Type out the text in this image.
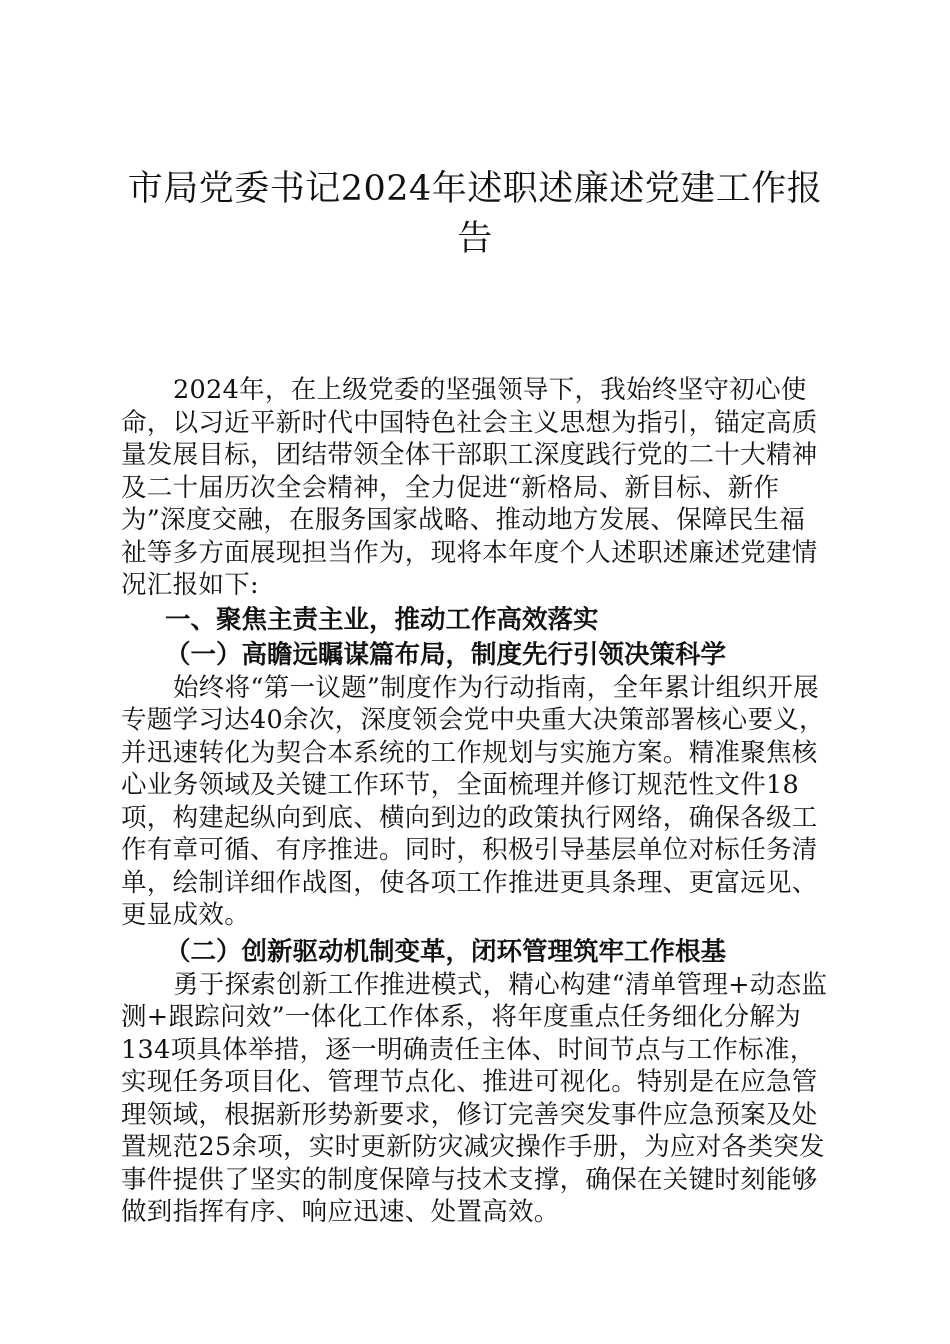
市局党委书记2024年述职述廉述党建工作报
告
2024年，在上级党委的坚强领导下，我始终坚守初心使
命，以习近平新时代中国特色社会主义思想为指引，锚定高质
量发展目标，团结带领全体干部职工深度践行党的二十大精神
及二十届历次全会精神，全力促进“新格局、新目标、新作
为”深度交融，在服务国家战略、推动地方发展、保障民生福
祉等多方面展现担当作为，现将本年度个人述职述廉述党建情
况汇报如下:
一、聚焦主责主业，推动工作高效落实
（一）高瞻远瞩谋篇布局，制度先行引领决策科学
始终将“第一议题”制度作为行动指南，全年累计组织开展
专题学习达40余次，深度领会党中央重大决策部署核心要义，
并迅速转化为契合本系统的工作规划与实施方案。精准聚焦核
心业务领域及关键工作环节，全面梳理并修订规范性文件18
项，构建起纵向到底、横向到边的政策执行网络，确保各级工
作有章可循、有序推进。同时，积极引导基层单位对标任务清
单，绘制详细作战图，使各项工作推进更具条理、更富远见、
更显成效。
（二）创新驱动机制变革，闭环管理筑牢工作根基
勇于探索创新工作推进模式，精心构建“清单管理+动态监
测+跟踪问效”一体化工作体系，将年度重点任务细化分解为
134项具体举措，逐一明确责任主体、时间节点与工作标准，
实现任务项目化、管理节点化、推进可视化。特别是在应急管
理领域，根据新形势新要求，修订完善突发事件应急预案及处
置规范25余项，实时更新防灾减灾操作手册，为应对各类突发
事件提供了坚实的制度保障与技术支撑，确保在关键时刻能够
做到指挥有序、响应迅速、处置高效。
